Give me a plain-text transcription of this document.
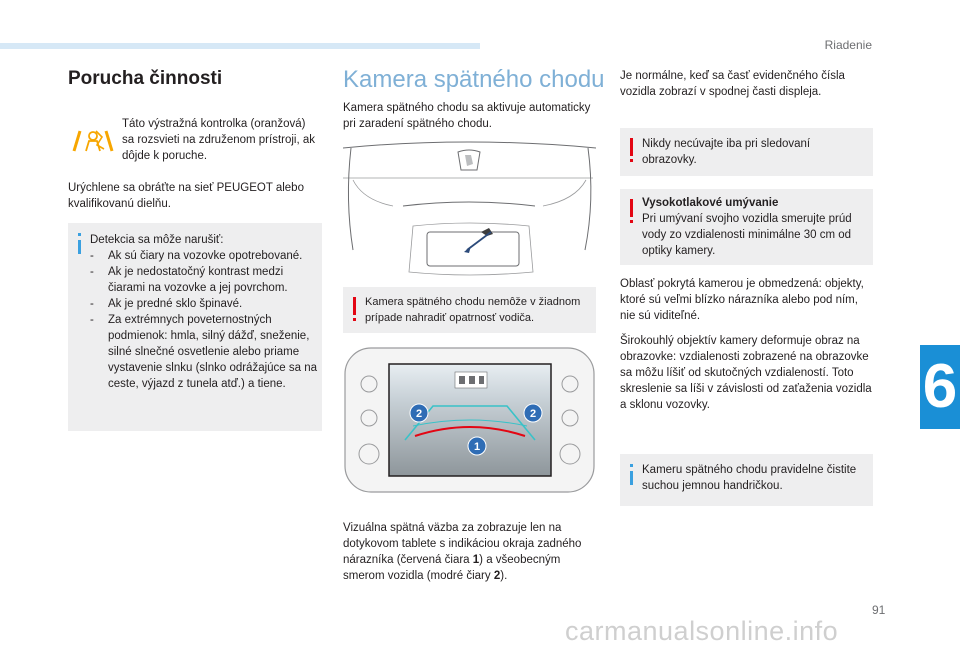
Riadenie
6
91
carmanualsonline.info
Porucha činnosti
Táto výstražná kontrolka (oranžová) sa rozsvieti na združenom prístroji, ak dôjde k poruche.
Urýchlene sa obráťte na sieť PEUGEOT alebo kvalifikovanú dielňu.
Detekcia sa môže narušiť:
- Ak sú čiary na vozovke opotrebované.
- Ak je nedostatočný kontrast medzi čiarami na vozovke a jej povrchom.
- Ak je predné sklo špinavé.
- Za extrémnych poveternostných podmienok: hmla, silný dážď, sneženie, silné slnečné osvetlenie alebo priame vystavenie slnku (slnko odrážajúce sa na ceste, výjazd z tunela atď.) a tiene.
Kamera spätného chodu
Kamera spätného chodu sa aktivuje automaticky pri zaradení spätného chodu.
Kamera spätného chodu nemôže v žiadnom prípade nahradiť opatrnosť vodiča.
2	2
1
Vizuálna spätná väzba za zobrazuje len na dotykovom tablete s indikáciou okraja zadného nárazníka (červená čiara 1) a všeobecným smerom vozidla (modré čiary 2).
Je normálne, keď sa časť evidenčného čísla vozidla zobrazí v spodnej časti displeja.
Nikdy necúvajte iba pri sledovaní obrazovky.
Vysokotlakové umývanie
Pri umývaní svojho vozidla smerujte prúd vody zo vzdialenosti minimálne 30 cm od optiky kamery.
Oblasť pokrytá kamerou je obmedzená: objekty, ktoré sú veľmi blízko nárazníka alebo pod ním, nie sú viditeľné.
Širokouhlý objektív kamery deformuje obraz na obrazovke: vzdialenosti zobrazené na obrazovke sa môžu líšiť od skutočných vzdialeností. Toto skreslenie sa líši v závislosti od zaťaženia vozidla a sklonu vozovky.
Kameru spätného chodu pravidelne čistite suchou jemnou handričkou.
